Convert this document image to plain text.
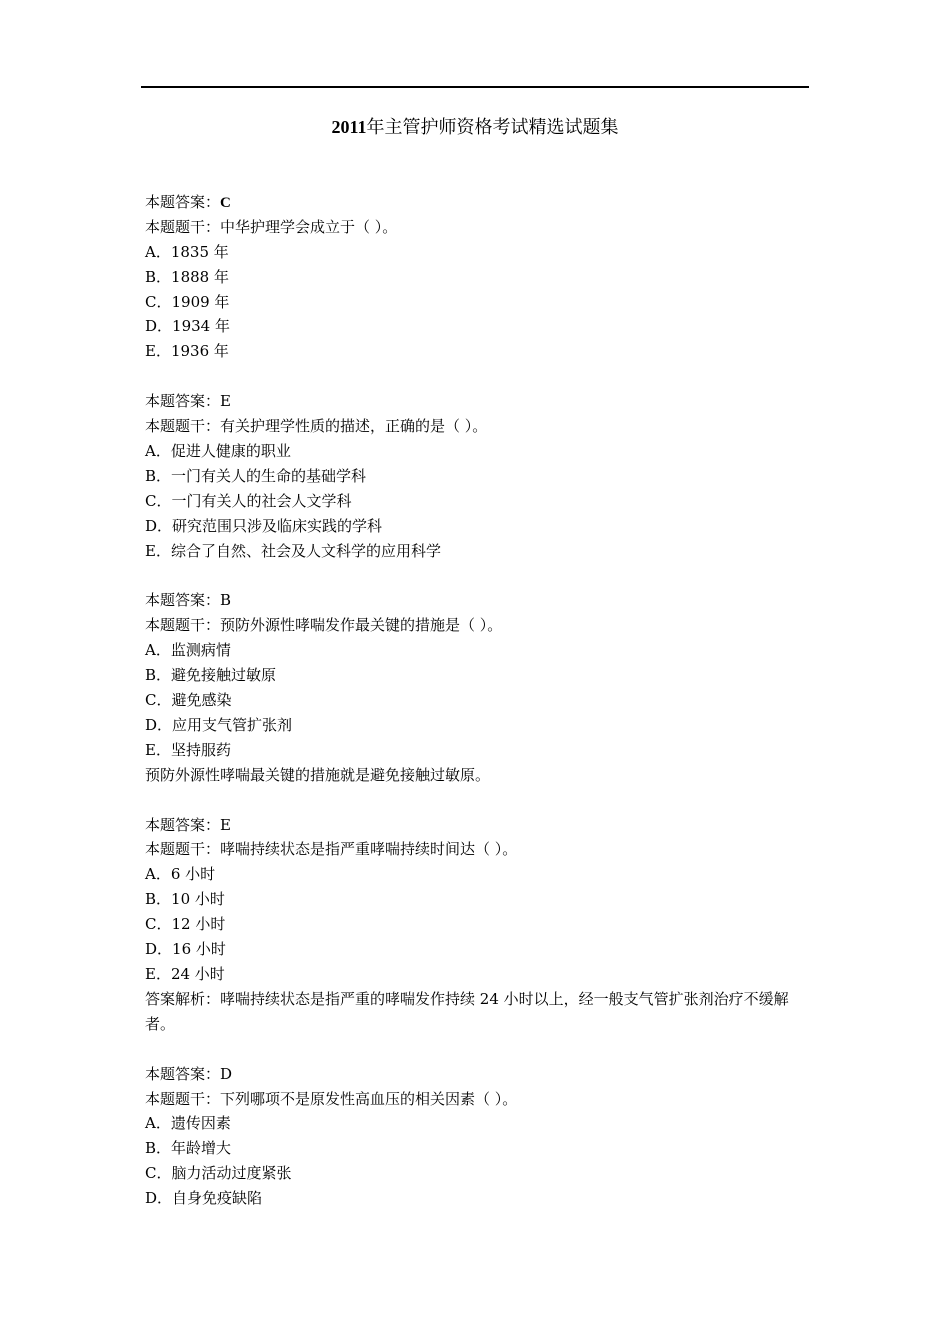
2011年主管护师资格考试精选试题集
本题答案：C
本题题干：中华护理学会成立于（ ）。
A．1835 年
B．1888 年
C．1909 年
D．1934 年
E．1936 年
本题答案：E
本题题干：有关护理学性质的描述，正确的是（ ）。
A．促进人健康的职业
B．一门有关人的生命的基础学科
C．一门有关人的社会人文学科
D．研究范围只涉及临床实践的学科
E．综合了自然、社会及人文科学的应用科学
本题答案：B
本题题干：预防外源性哮喘发作最关键的措施是（ ）。
A．监测病情
B．避免接触过敏原
C．避免感染
D．应用支气管扩张剂
E．坚持服药
预防外源性哮喘最关键的措施就是避免接触过敏原。
本题答案：E
本题题干：哮喘持续状态是指严重哮喘持续时间达（ ）。
A．6 小时
B．10 小时
C．12 小时
D．16 小时
E．24 小时
答案解析：哮喘持续状态是指严重的哮喘发作持续 24 小时以上，经一般支气管扩张剂治疗不缓解者。
本题答案：D
本题题干：下列哪项不是原发性高血压的相关因素（ ）。
A．遗传因素
B．年龄增大
C．脑力活动过度紧张
D．自身免疫缺陷
